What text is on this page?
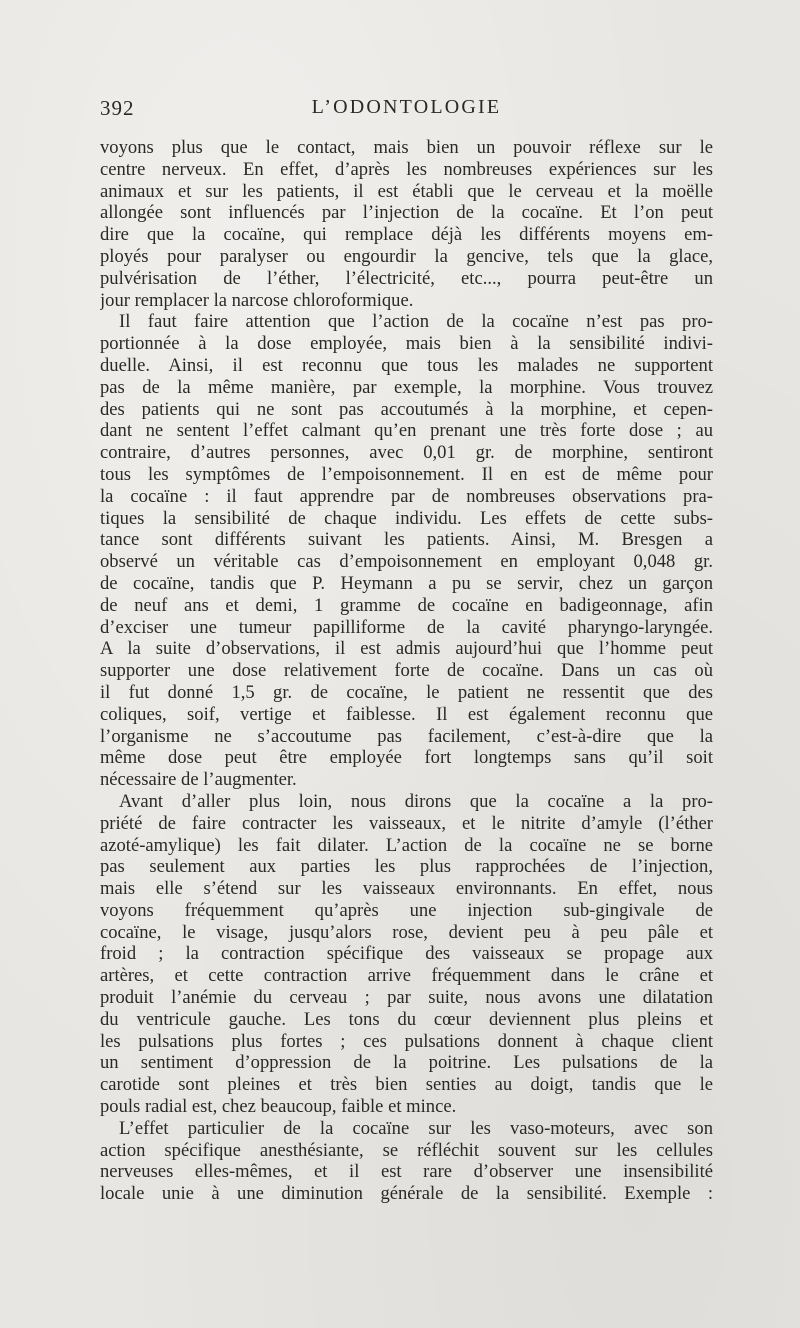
392	L’ODONTOLOGIE
voyons plus que le contact, mais bien un pouvoir réflexe sur le
centre nerveux. En effet, d’après les nombreuses expériences sur les
animaux et sur les patients, il est établi que le cerveau et la moëlle
allongée sont influencés par l’injection de la cocaïne. Et l’on peut
dire que la cocaïne, qui remplace déjà les différents moyens em-
ployés pour paralyser ou engourdir la gencive, tels que la glace,
pulvérisation de l’éther, l’électricité, etc..., pourra peut-être un
jour remplacer la narcose chloroformique.
Il faut faire attention que l’action de la cocaïne n’est pas pro-
portionnée à la dose employée, mais bien à la sensibilité indivi-
duelle. Ainsi, il est reconnu que tous les malades ne supportent
pas de la même manière, par exemple, la morphine. Vous trouvez
des patients qui ne sont pas accoutumés à la morphine, et cepen-
dant ne sentent l’effet calmant qu’en prenant une très forte dose ; au
contraire, d’autres personnes, avec 0,01 gr. de morphine, sentiront
tous les symptômes de l’empoisonnement. Il en est de même pour
la cocaïne : il faut apprendre par de nombreuses observations pra-
tiques la sensibilité de chaque individu. Les effets de cette subs-
tance sont différents suivant les patients. Ainsi, M. Bresgen a
observé un véritable cas d’empoisonnement en employant 0,048 gr.
de cocaïne, tandis que P. Heymann a pu se servir, chez un garçon
de neuf ans et demi, 1 gramme de cocaïne en badigeonnage, afin
d’exciser une tumeur papilliforme de la cavité pharyngo-laryngée.
A la suite d’observations, il est admis aujourd’hui que l’homme peut
supporter une dose relativement forte de cocaïne. Dans un cas où
il fut donné 1,5 gr. de cocaïne, le patient ne ressentit que des
coliques, soif, vertige et faiblesse. Il est également reconnu que
l’organisme ne s’accoutume pas facilement, c’est-à-dire que la
même dose peut être employée fort longtemps sans qu’il soit
nécessaire de l’augmenter.
Avant d’aller plus loin, nous dirons que la cocaïne a la pro-
priété de faire contracter les vaisseaux, et le nitrite d’amyle (l’éther
azoté-amylique) les fait dilater. L’action de la cocaïne ne se borne
pas seulement aux parties les plus rapprochées de l’injection,
mais elle s’étend sur les vaisseaux environnants. En effet, nous
voyons fréquemment qu’après une injection sub-gingivale de
cocaïne, le visage, jusqu’alors rose, devient peu à peu pâle et
froid ; la contraction spécifique des vaisseaux se propage aux
artères, et cette contraction arrive fréquemment dans le crâne et
produit l’anémie du cerveau ; par suite, nous avons une dilatation
du ventricule gauche. Les tons du cœur deviennent plus pleins et
les pulsations plus fortes ; ces pulsations donnent à chaque client
un sentiment d’oppression de la poitrine. Les pulsations de la
carotide sont pleines et très bien senties au doigt, tandis que le
pouls radial est, chez beaucoup, faible et mince.
L’effet particulier de la cocaïne sur les vaso-moteurs, avec son
action spécifique anesthésiante, se réfléchit souvent sur les cellules
nerveuses elles-mêmes, et il est rare d’observer une insensibilité
locale unie à une diminution générale de la sensibilité. Exemple :
